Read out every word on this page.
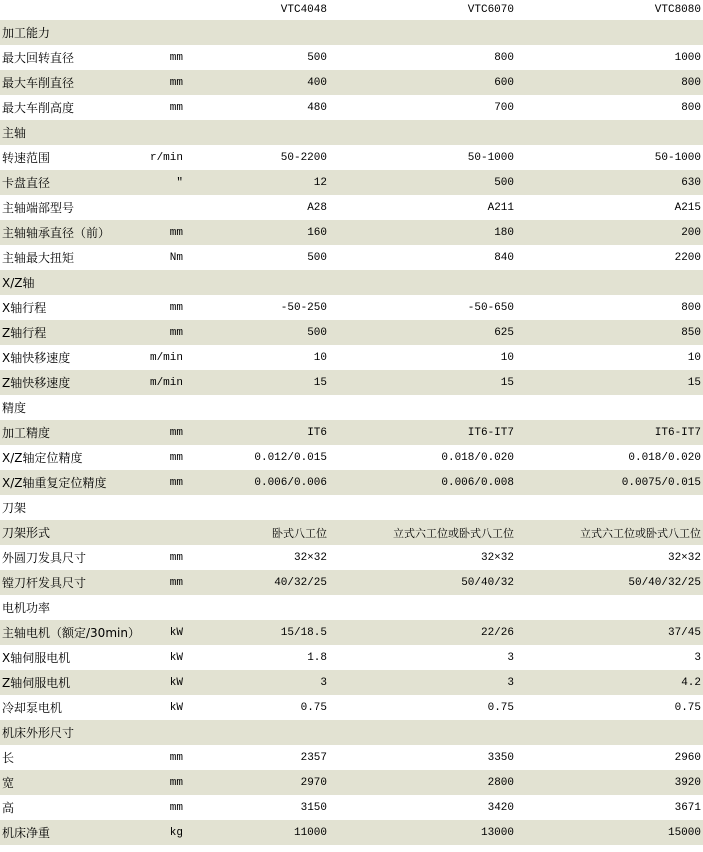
		VTC4048	VTC6070	VTC8080
加工能力				
最大回转直径	mm	500	800	1000
最大车削直径	mm	400	600	800
最大车削高度	mm	480	700	800
主轴				
转速范围	r/min	50-2200	50-1000	50-1000
卡盘直径	"	12	500	630
主轴端部型号		A28	A211	A215
主轴轴承直径（前）	mm	160	180	200
主轴最大扭矩	Nm	500	840	2200
X/Z轴				
X轴行程	mm	-50-250	-50-650	800
Z轴行程	mm	500	625	850
X轴快移速度	m/min	10	10	10
Z轴快移速度	m/min	15	15	15
精度				
加工精度	mm	IT6	IT6-IT7	IT6-IT7
X/Z轴定位精度	mm	0.012/0.015	0.018/0.020	0.018/0.020
X/Z轴重复定位精度	mm	0.006/0.006	0.006/0.008	0.0075/0.015
刀架				
刀架形式		卧式八工位	立式六工位或卧式八工位	立式六工位或卧式八工位
外圆刀发具尺寸	mm	32×32	32×32	32×32
镗刀杆发具尺寸	mm	40/32/25	50/40/32	50/40/32/25
电机功率				
主轴电机（额定/30min）	kW	15/18.5	22/26	37/45
X轴伺服电机	kW	1.8	3	3
Z轴伺服电机	kW	3	3	4.2
冷却泵电机	kW	0.75	0.75	0.75
机床外形尺寸				
长	mm	2357	3350	2960
宽	mm	2970	2800	3920
高	mm	3150	3420	3671
机床净重	kg	11000	13000	15000
